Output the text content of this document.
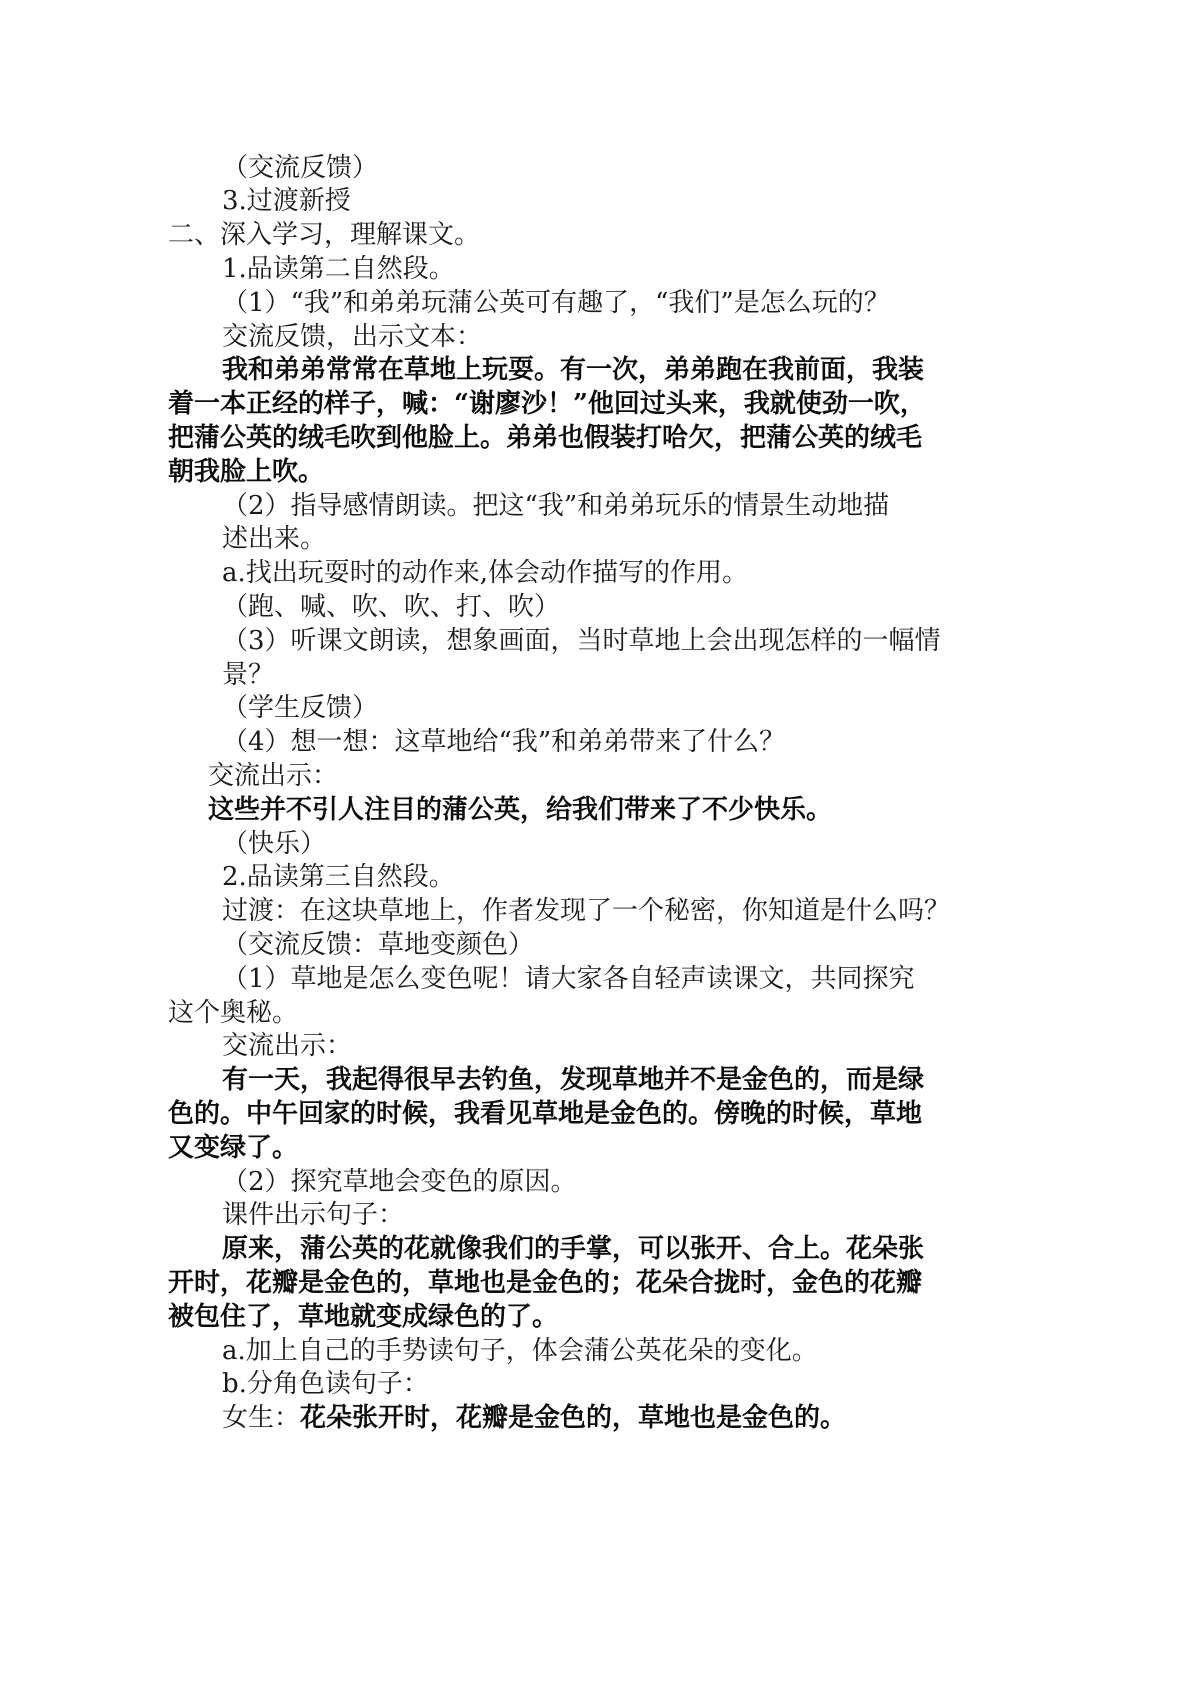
（交流反馈）
3.过渡新授
二、深入学习，理解课文。
1.品读第二自然段。
（1）“我”和弟弟玩蒲公英可有趣了，“我们”是怎么玩的？
交流反馈，出示文本：
我和弟弟常常在草地上玩耍。有一次，弟弟跑在我前面，我装
着一本正经的样子，喊：“谢廖沙！”他回过头来，我就使劲一吹，
把蒲公英的绒毛吹到他脸上。弟弟也假装打哈欠，把蒲公英的绒毛
朝我脸上吹。
（2）指导感情朗读。把这“我”和弟弟玩乐的情景生动地描
述出来。
a.找出玩耍时的动作来,体会动作描写的作用。
（跑、喊、吹、吹、打、吹）
（3）听课文朗读，想象画面，当时草地上会出现怎样的一幅情
景？
（学生反馈）
（4）想一想：这草地给“我”和弟弟带来了什么？
交流出示：
这些并不引人注目的蒲公英，给我们带来了不少快乐。
（快乐）
2.品读第三自然段。
过渡：在这块草地上，作者发现了一个秘密，你知道是什么吗？
（交流反馈：草地变颜色）
（1）草地是怎么变色呢！请大家各自轻声读课文，共同探究
这个奥秘。
交流出示：
有一天，我起得很早去钓鱼，发现草地并不是金色的，而是绿
色的。中午回家的时候，我看见草地是金色的。傍晚的时候，草地
又变绿了。
（2）探究草地会变色的原因。
课件出示句子：
原来，蒲公英的花就像我们的手掌，可以张开、合上。花朵张
开时，花瓣是金色的，草地也是金色的；花朵合拢时，金色的花瓣
被包住了，草地就变成绿色的了。
a.加上自己的手势读句子，体会蒲公英花朵的变化。
b.分角色读句子：
女生：花朵张开时，花瓣是金色的，草地也是金色的。
